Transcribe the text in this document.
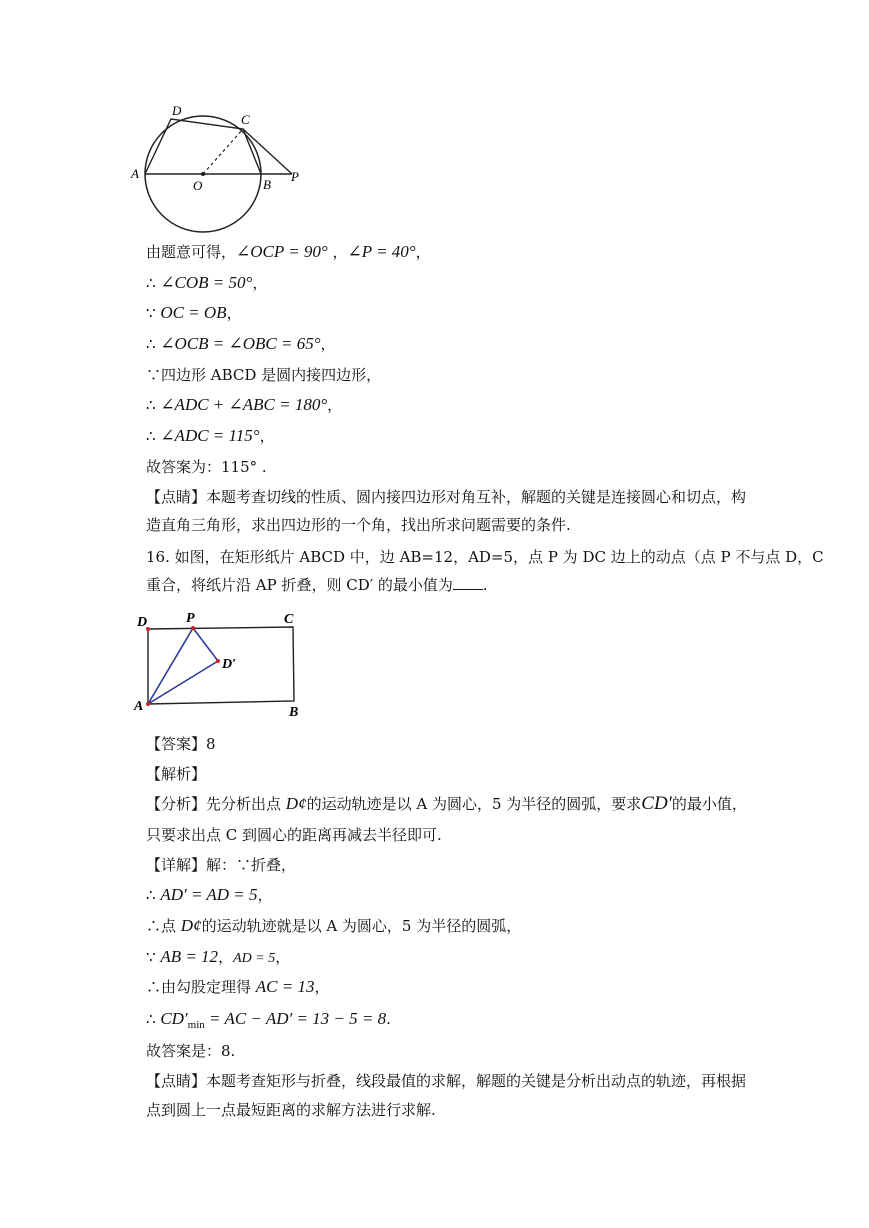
A
D
C
O	B
P
由题意可得，∠OCP = 90° ，∠P = 40°，
∴ ∠COB = 50°，
∵ OC = OB，
∴ ∠OCB = ∠OBC = 65°，
∵四边形 ABCD 是圆内接四边形，
∴ ∠ADC + ∠ABC = 180°，
∴ ∠ADC = 115°，
故答案为：115° .
【点睛】本题考查切线的性质、圆内接四边形对角互补，解题的关键是连接圆心和切点，构
造直角三角形，求出四边形的一个角，找出所求问题需要的条件.
16. 如图，在矩形纸片 ABCD 中，边 AB=12，AD=5，点 P 为 DC 边上的动点（点 P 不与点 D，C
重合，将纸片沿 AP 折叠，则 CD′ 的最小值为 .
D	P	C
D′
A	B
【答案】8
【解析】
【分析】先分析出点 D¢的运动轨迹是以 A 为圆心，5 为半径的圆弧，要求CD′的最小值，
只要求出点 C 到圆心的距离再减去半径即可.
【详解】解：∵折叠，
∴ AD′ = AD = 5，
∴点 D¢的运动轨迹就是以 A 为圆心，5 为半径的圆弧，
∵ AB = 12，AD = 5，
∴由勾股定理得 AC = 13，
∴ $CD'_{min}$ = AC − AD′ = 13 − 5 = 8.
故答案是：8.
【点睛】本题考查矩形与折叠，线段最值的求解，解题的关键是分析出动点的轨迹，再根据
点到圆上一点最短距离的求解方法进行求解.
